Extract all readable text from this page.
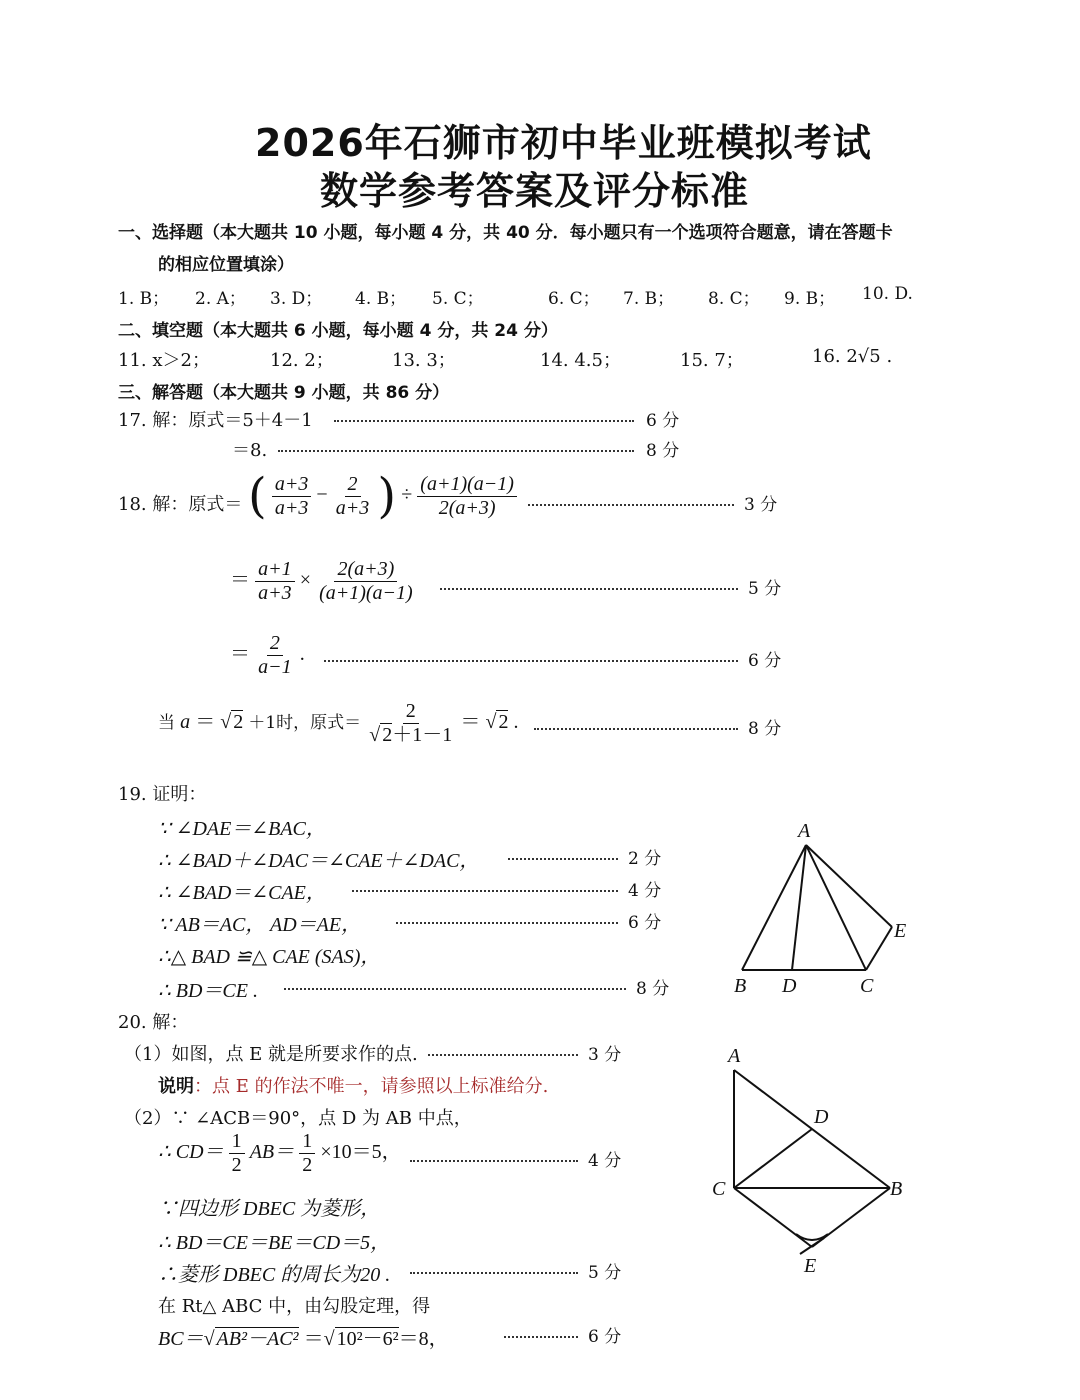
2026年石狮市初中毕业班模拟考试
数学参考答案及评分标准
一、选择题（本大题共 10 小题，每小题 4 分，共 40 分．每小题只有一个选项符合题意，请在答题卡
的相应位置填涂）
1. B； 2. A； 3. D； 4. B； 5. C；	6. C； 7. B； 8. C； 9. B； 10. D.
二、填空题（本大题共 6 小题，每小题 4 分，共 24 分）
11. x＞2；	12. 2；	13. 3；	14. 4.5；	15. 7；	16. 2√5 .
三、解答题（本大题共 9 小题，共 86 分）
17. 解：原式＝5＋4－1	6 分
＝8.	8 分
18. 解：原式＝ ( $\frac{a+3}{a+3} - \frac{2}{a+3}$ ) ÷ $\frac{(a+1)(a-1)}{2(a+3)}$	3 分
＝ $\frac{a+1}{a+3} \times \frac{2(a+3)}{(a+1)(a-1)}$	5 分
＝ $\frac{2}{a-1}$ .	6 分
当 a ＝ √ 2 ＋1时，原式＝ $\frac{2}{√ 2+1-1}$ ＝ √ 2 .	8 分
19. 证明：
∵ ∠DAE＝∠BAC，
∴ ∠BAD＋∠DAC＝∠CAE＋∠DAC，	2 分
∴ ∠BAD＝∠CAE，	4 分
∵ AB＝AC， AD＝AE，	6 分
∴△ BAD ≌△ CAE (SAS)，
∴ BD＝CE .	8 分
A
B D	C
E
20. 解：
（1）如图，点 E 就是所要求作的点.	3 分
说明：点 E 的作法不唯一，请参照以上标准给分.
（2）∵ ∠ACB＝90°，点 D 为 AB 中点，
∴ $CD= \frac{1}{2} AB= \frac{1}{2} \times 10=5$，	4 分
∵四边形 DBEC 为菱形，
∴ BD＝CE＝BE＝CD＝5，
∴菱形 DBEC 的周长为20 .	5 分
在 Rt△ ABC 中，由勾股定理，得
BC＝√ AB²－AC² ＝√ 10²－6²＝8，	6 分
A
D
C	B
E
